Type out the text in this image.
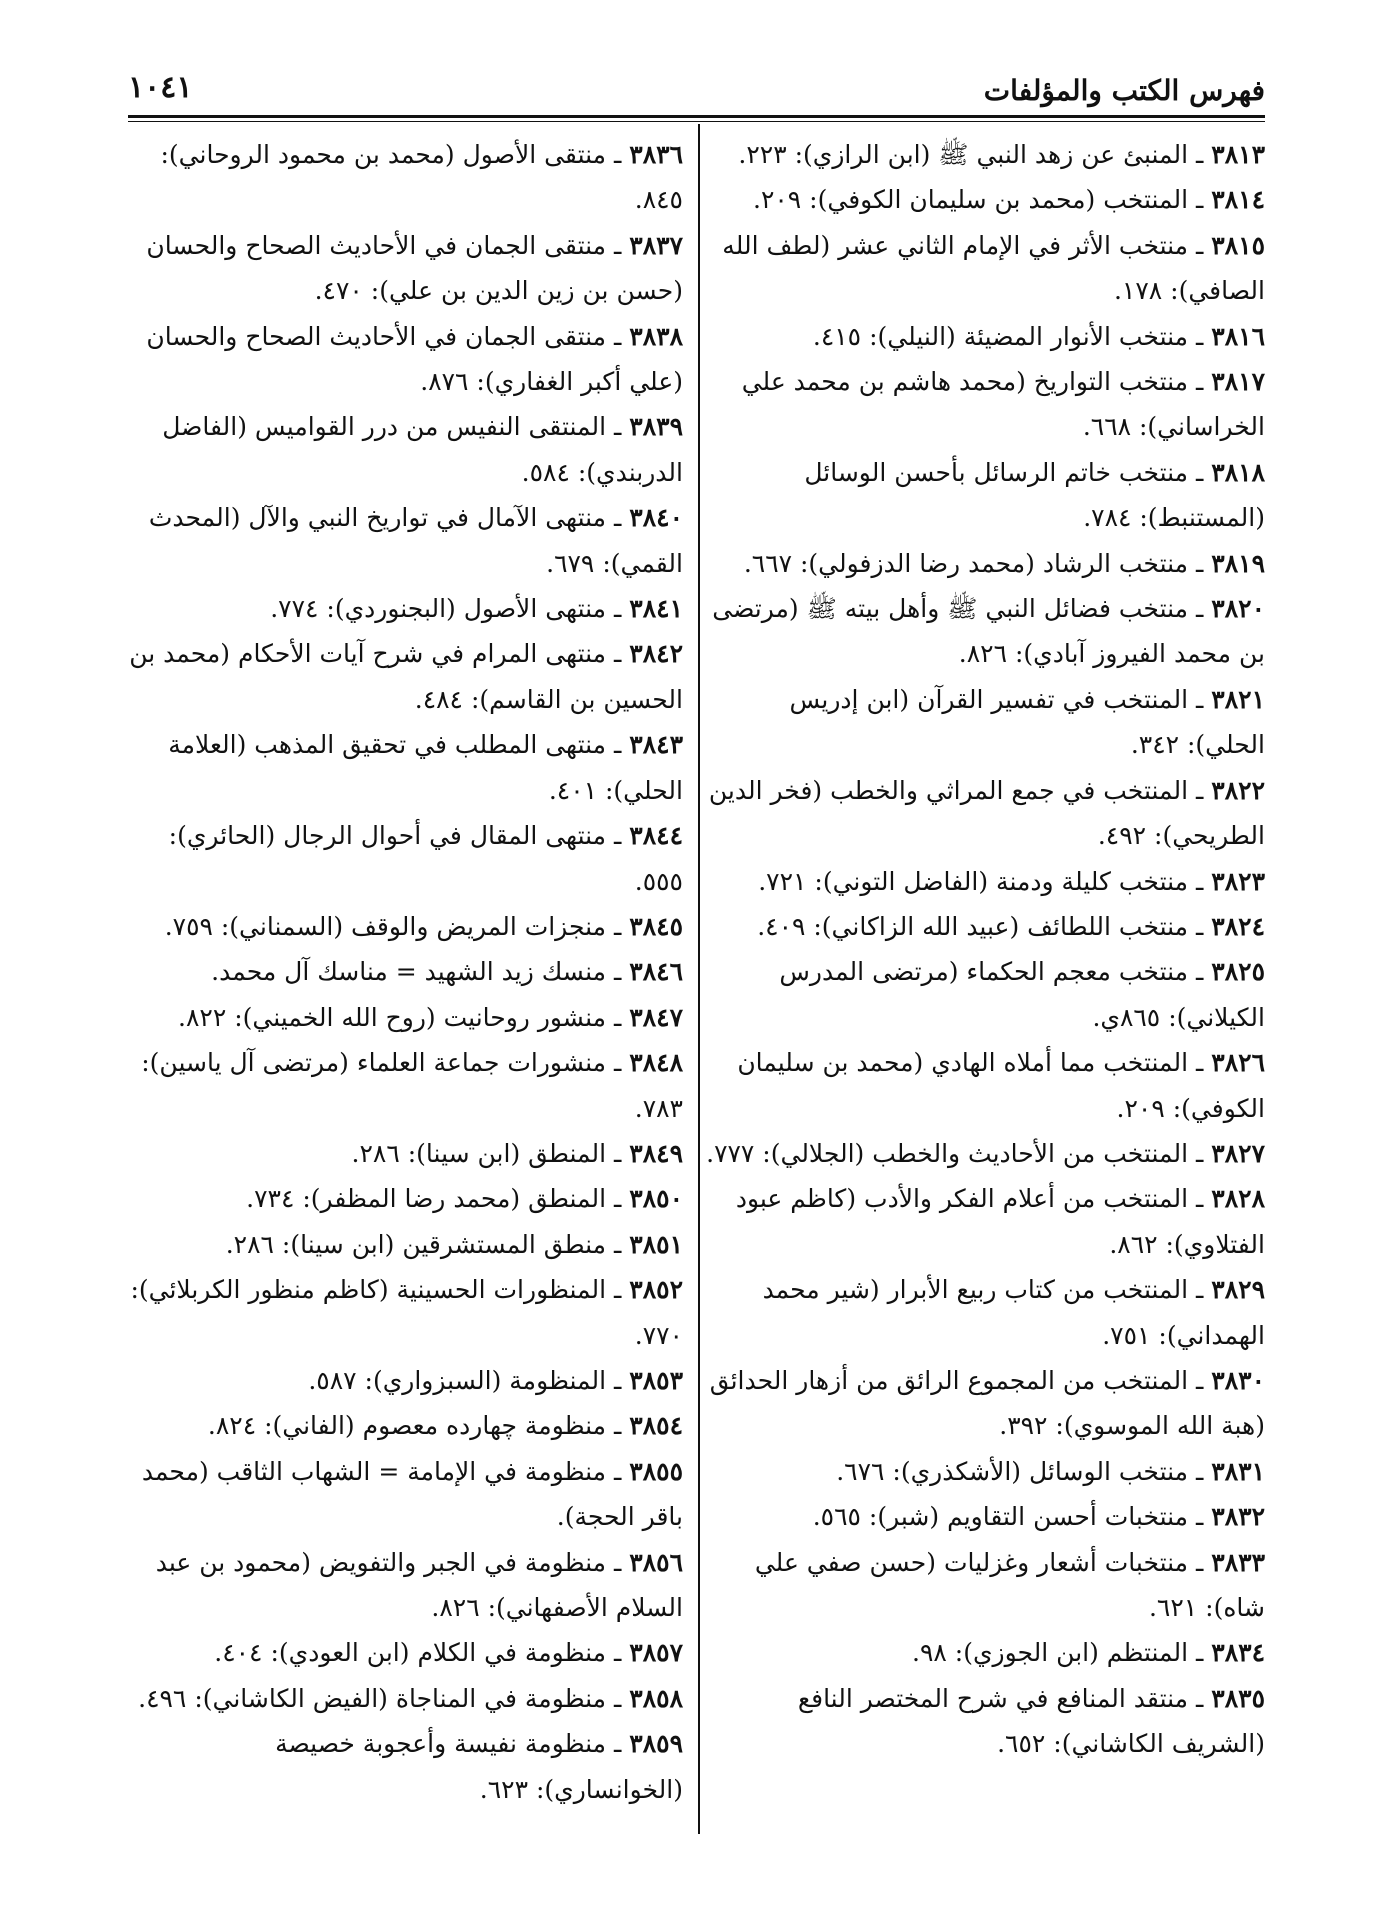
فهرس الكتب والمؤلفات
١٠٤١

٣٨١٣ ـ المنبئ عن زهد النبي ﷺ (ابن الرازي): ٢٢٣.

٣٨١٤ ـ المنتخب (محمد بن سليمان الكوفي): ٢٠٩.

٣٨١٥ ـ منتخب الأثر في الإمام الثاني عشر (لطف الله الصافي): ١٧٨.

٣٨١٦ ـ منتخب الأنوار المضيئة (النيلي): ٤١٥.

٣٨١٧ ـ منتخب التواريخ (محمد هاشم بن محمد علي الخراساني): ٦٦٨.

٣٨١٨ ـ منتخب خاتم الرسائل بأحسن الوسائل (المستنبط): ٧٨٤.

٣٨١٩ ـ منتخب الرشاد (محمد رضا الدزفولي): ٦٦٧.

٣٨٢٠ ـ منتخب فضائل النبي ﷺ وأهل بيته ﷺ (مرتضى بن محمد الفيروز آبادي): ٨٢٦.

٣٨٢١ ـ المنتخب في تفسير القرآن (ابن إدريس الحلي): ٣٤٢.

٣٨٢٢ ـ المنتخب في جمع المراثي والخطب (فخر الدين الطريحي): ٤٩٢.

٣٨٢٣ ـ منتخب كليلة ودمنة (الفاضل التوني): ٧٢١.

٣٨٢٤ ـ منتخب اللطائف (عبيد الله الزاكاني): ٤٠٩.

٣٨٢٥ ـ منتخب معجم الحكماء (مرتضى المدرس الكيلاني): ٨٦٥ي.

٣٨٢٦ ـ المنتخب مما أملاه الهادي (محمد بن سليمان الكوفي): ٢٠٩.

٣٨٢٧ ـ المنتخب من الأحاديث والخطب (الجلالي): ٧٧٧.

٣٨٢٨ ـ المنتخب من أعلام الفكر والأدب (كاظم عبود الفتلاوي): ٨٦٢.

٣٨٢٩ ـ المنتخب من كتاب ربيع الأبرار (شير محمد الهمداني): ٧٥١.

٣٨٣٠ ـ المنتخب من المجموع الرائق من أزهار الحدائق (هبة الله الموسوي): ٣٩٢.

٣٨٣١ ـ منتخب الوسائل (الأشكذري): ٦٧٦.

٣٨٣٢ ـ منتخبات أحسن التقاويم (شبر): ٥٦٥.

٣٨٣٣ ـ منتخبات أشعار وغزليات (حسن صفي علي شاه): ٦٢١.

٣٨٣٤ ـ المنتظم (ابن الجوزي): ٩٨.

٣٨٣٥ ـ منتقد المنافع في شرح المختصر النافع (الشريف الكاشاني): ٦٥٢.

٣٨٣٦ ـ منتقى الأصول (محمد بن محمود الروحاني): ٨٤٥.

٣٨٣٧ ـ منتقى الجمان في الأحاديث الصحاح والحسان (حسن بن زين الدين بن علي): ٤٧٠.

٣٨٣٨ ـ منتقى الجمان في الأحاديث الصحاح والحسان (علي أكبر الغفاري): ٨٧٦.

٣٨٣٩ ـ المنتقى النفيس من درر القواميس (الفاضل الدربندي): ٥٨٤.

٣٨٤٠ ـ منتهى الآمال في تواريخ النبي والآل (المحدث القمي): ٦٧٩.

٣٨٤١ ـ منتهى الأصول (البجنوردي): ٧٧٤.

٣٨٤٢ ـ منتهى المرام في شرح آيات الأحكام (محمد بن الحسين بن القاسم): ٤٨٤.

٣٨٤٣ ـ منتهى المطلب في تحقيق المذهب (العلامة الحلي): ٤٠١.

٣٨٤٤ ـ منتهى المقال في أحوال الرجال (الحائري): ٥٥٥.

٣٨٤٥ ـ منجزات المريض والوقف (السمناني): ٧٥٩.

٣٨٤٦ ـ منسك زيد الشهيد = مناسك آل محمد.

٣٨٤٧ ـ منشور روحانيت (روح الله الخميني): ٨٢٢.

٣٨٤٨ ـ منشورات جماعة العلماء (مرتضى آل ياسين): ٧٨٣.

٣٨٤٩ ـ المنطق (ابن سينا): ٢٨٦.

٣٨٥٠ ـ المنطق (محمد رضا المظفر): ٧٣٤.

٣٨٥١ ـ منطق المستشرقين (ابن سينا): ٢٨٦.

٣٨٥٢ ـ المنظورات الحسينية (كاظم منظور الكربلائي): ٧٧٠.

٣٨٥٣ ـ المنظومة (السبزواري): ٥٨٧.

٣٨٥٤ ـ منظومة چهارده معصوم (الفاني): ٨٢٤.

٣٨٥٥ ـ منظومة في الإمامة = الشهاب الثاقب (محمد باقر الحجة).

٣٨٥٦ ـ منظومة في الجبر والتفويض (محمود بن عبد السلام الأصفهاني): ٨٢٦.

٣٨٥٧ ـ منظومة في الكلام (ابن العودي): ٤٠٤.

٣٨٥٨ ـ منظومة في المناجاة (الفيض الكاشاني): ٤٩٦.

٣٨٥٩ ـ منظومة نفيسة وأعجوبة خصيصة (الخوانساري): ٦٢٣.
